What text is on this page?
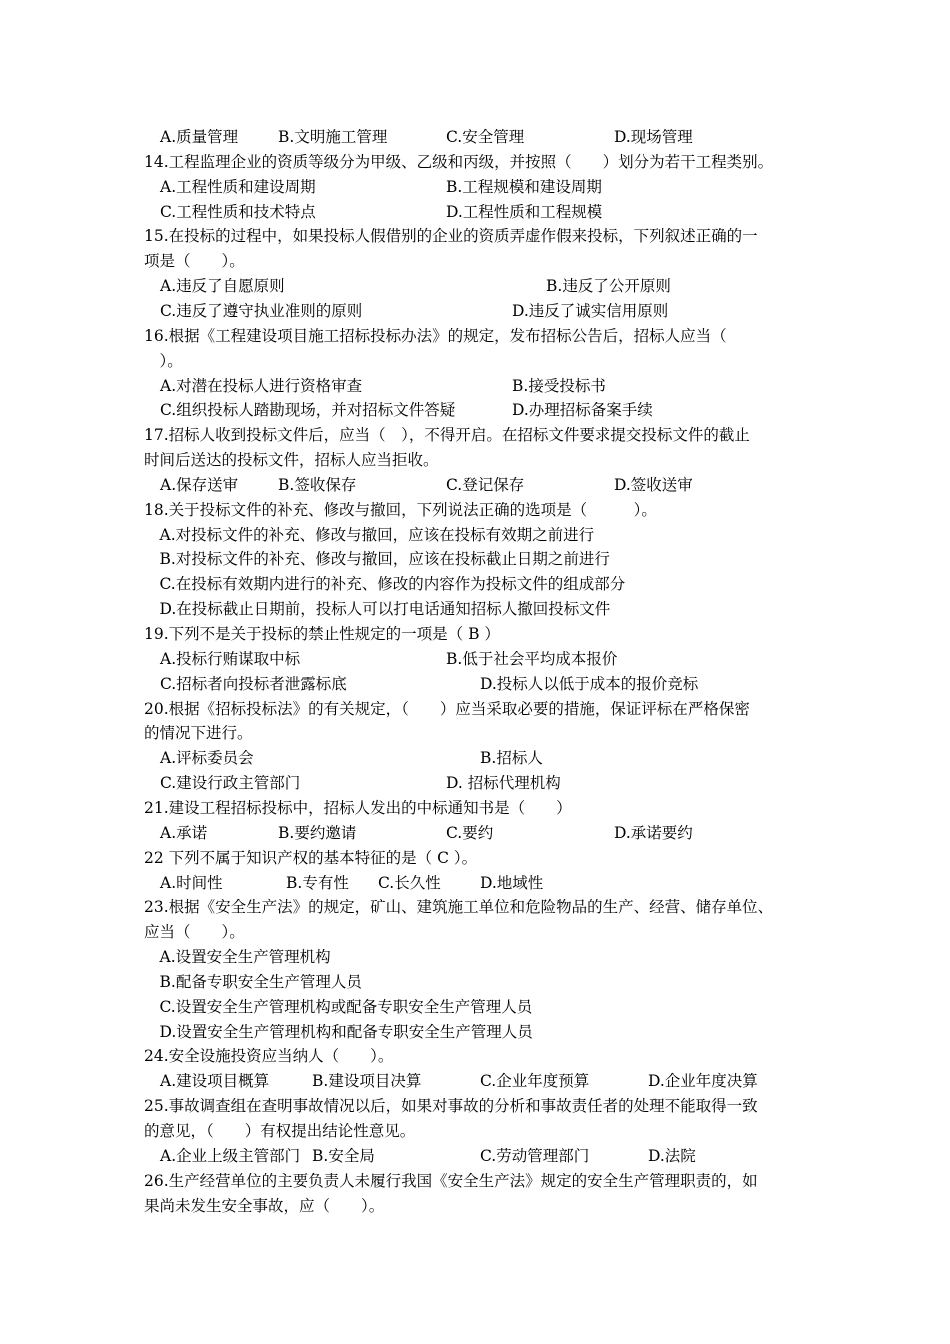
A.质量管理	B.文明施工管理	C.安全管理	D.现场管理
14.工程监理企业的资质等级分为甲级、乙级和丙级，并按照（　　）划分为若干工程类别。
A.工程性质和建设周期	B.工程规模和建设周期
C.工程性质和技术特点	D.工程性质和工程规模
15.在投标的过程中，如果投标人假借别的企业的资质弄虚作假来投标，下列叙述正确的一
项是（　　）。
A.违反了自愿原则	B.违反了公开原则
C.违反了遵守执业准则的原则	D.违反了诚实信用原则
16.根据《工程建设项目施工招标投标办法》的规定，发布招标公告后，招标人应当（
　）。
A.对潜在投标人进行资格审查	B.接受投标书
C.组织投标人踏勘现场，并对招标文件答疑	D.办理招标备案手续
17.招标人收到投标文件后，应当（　），不得开启。在招标文件要求提交投标文件的截止
时间后送达的投标文件，招标人应当拒收。
A.保存送审	B.签收保存	C.登记保存	D.签收送审
18.关于投标文件的补充、修改与撤回，下列说法正确的选项是（　　　）。
　A.对投标文件的补充、修改与撤回，应该在投标有效期之前进行
　B.对投标文件的补充、修改与撤回，应该在投标截止日期之前进行
　C.在投标有效期内进行的补充、修改的内容作为投标文件的组成部分
　D.在投标截止日期前，投标人可以打电话通知招标人撤回投标文件
19.下列不是关于投标的禁止性规定的一项是（ B ）
A.投标行贿谋取中标	B.低于社会平均成本报价
C.招标者向投标者泄露标底	D.投标人以低于成本的报价竞标
20.根据《招标投标法》的有关规定，（　　）应当采取必要的措施，保证评标在严格保密
的情况下进行。
A.评标委员会	B.招标人
C.建设行政主管部门	D. 招标代理机构
21.建设工程招标投标中，招标人发出的中标通知书是（　　）
A.承诺	B.要约邀请	C.要约	D.承诺要约
22 下列不属于知识产权的基本特征的是（ C ）。
A.时间性	B.专有性 C.长久性	D.地域性
23.根据《安全生产法》的规定，矿山、建筑施工单位和危险物品的生产、经营、储存单位、
应当（　　）。
　A.设置安全生产管理机构
　B.配备专职安全生产管理人员
　C.设置安全生产管理机构或配备专职安全生产管理人员
　D.设置安全生产管理机构和配备专职安全生产管理人员
24.安全设施投资应当纳人（　　）。
A.建设项目概算	B.建设项目决算	C.企业年度预算	D.企业年度决算
25.事故调查组在查明事故情况以后，如果对事故的分析和事故责任者的处理不能取得一致
的意见，（　　）有权提出结论性意见。
A.企业上级主管部门 B.安全局	C.劳动管理部门	D.法院
26.生产经营单位的主要负责人未履行我国《安全生产法》规定的安全生产管理职责的，如
果尚未发生安全事故，应（　　）。
